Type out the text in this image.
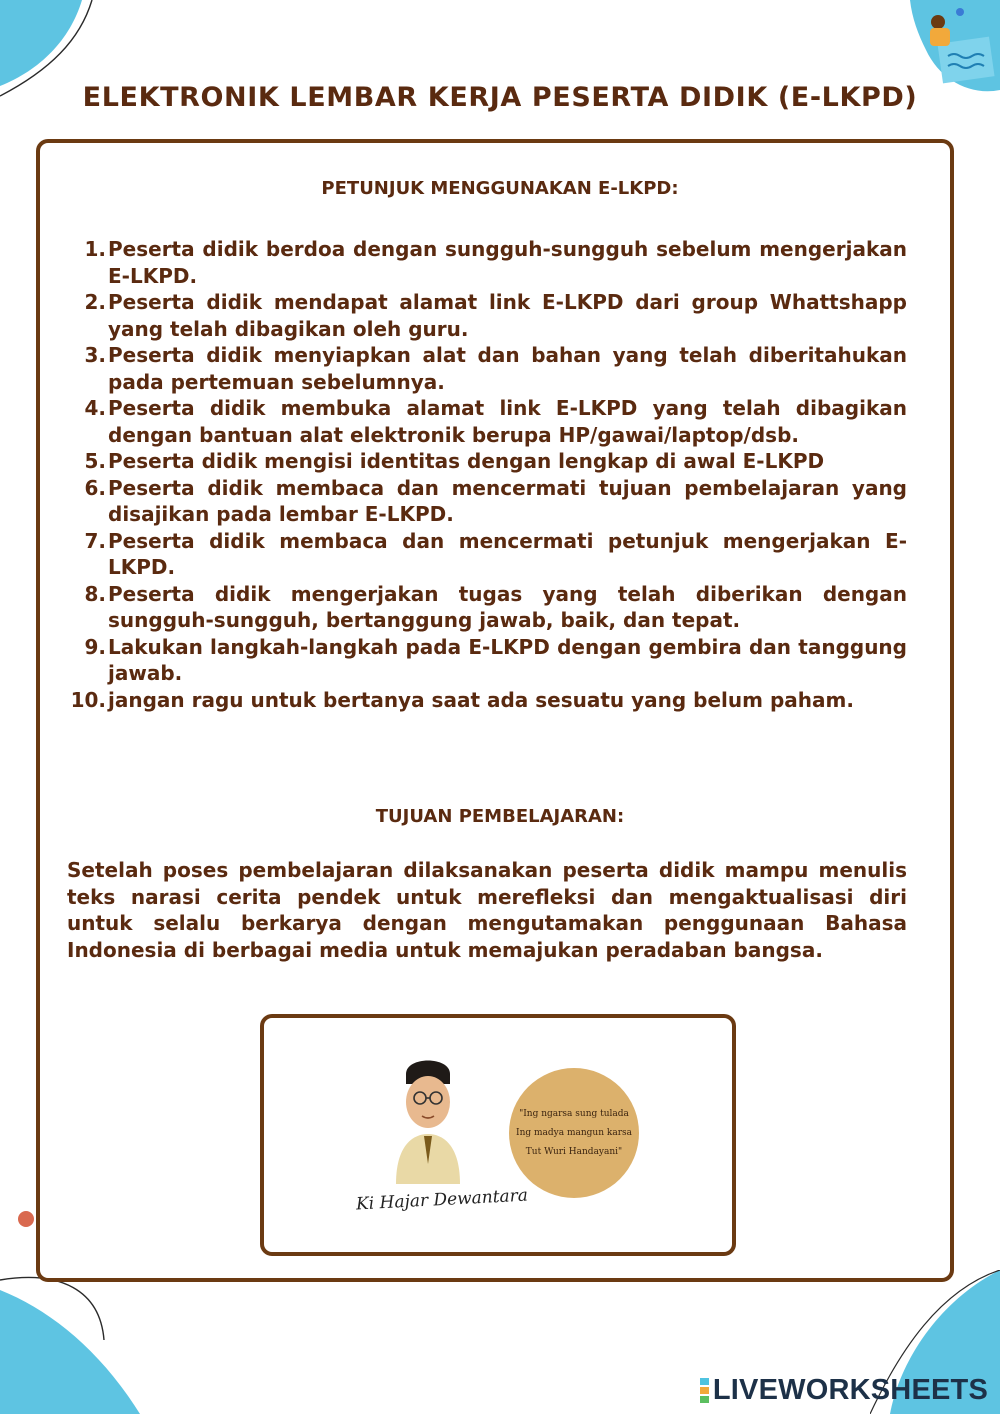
ELEKTRONIK LEMBAR KERJA PESERTA DIDIK (E-LKPD)
PETUNJUK MENGGUNAKAN E-LKPD:
1. Peserta didik berdoa dengan sungguh-sungguh sebelum mengerjakan E-LKPD.
2. Peserta didik mendapat alamat link E-LKPD dari group Whattshapp yang telah dibagikan oleh guru.
3. Peserta didik menyiapkan alat dan bahan yang telah diberitahukan pada pertemuan sebelumnya.
4. Peserta didik membuka alamat link E-LKPD yang telah dibagikan dengan bantuan alat elektronik berupa HP/gawai/laptop/dsb.
5. Peserta didik mengisi identitas dengan lengkap di awal E-LKPD
6. Peserta didik membaca dan mencermati tujuan pembelajaran yang disajikan pada lembar E-LKPD.
7. Peserta didik membaca dan mencermati petunjuk mengerjakan E-LKPD.
8. Peserta didik mengerjakan tugas yang telah diberikan dengan sungguh-sungguh, bertanggung jawab, baik, dan tepat.
9. Lakukan langkah-langkah pada E-LKPD dengan gembira dan tanggung jawab.
10. jangan ragu untuk bertanya saat ada sesuatu yang belum paham.
TUJUAN PEMBELAJARAN:

Setelah poses pembelajaran dilaksanakan peserta didik mampu menulis teks narasi cerita pendek untuk merefleksi dan mengaktualisasi diri untuk selalu berkarya dengan mengutamakan penggunaan Bahasa Indonesia di berbagai media untuk memajukan peradaban bangsa.

Ki Hajar Dewantara
"Ing ngarsa sung tulada
Ing madya mangun karsa
Tut Wuri Handayani"
LIVEWORKSHEETS
